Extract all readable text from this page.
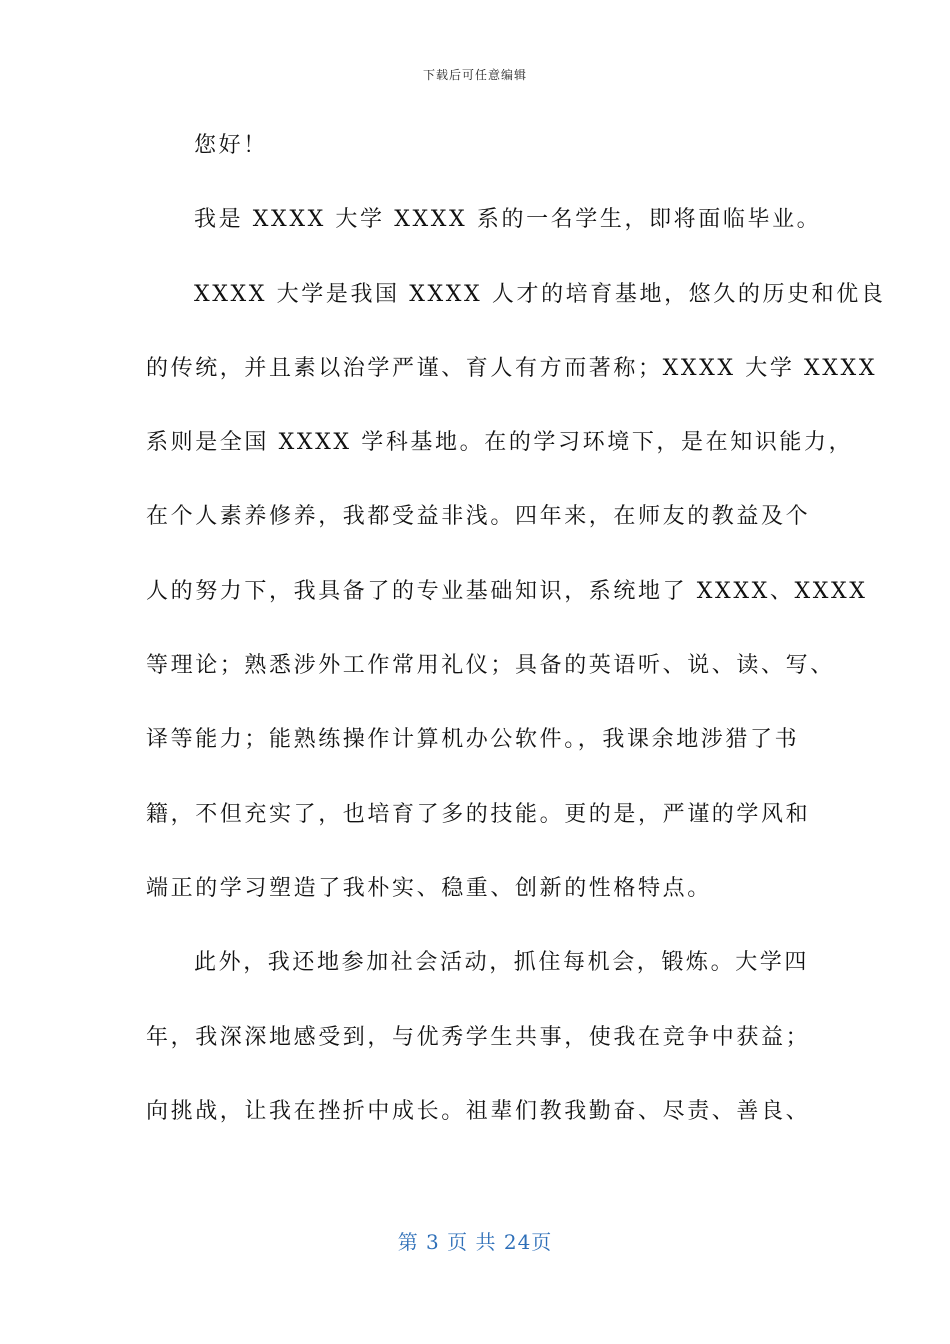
下载后可任意编辑
您好！
我是 XXXX 大学 XXXX 系的一名学生，即将面临毕业。
XXXX 大学是我国 XXXX 人才的培育基地，悠久的历史和优良
的传统，并且素以治学严谨、育人有方而著称；XXXX 大学 XXXX
系则是全国 XXXX 学科基地。在的学习环境下，是在知识能力，
在个人素养修养，我都受益非浅。四年来，在师友的教益及个
人的努力下，我具备了的专业基础知识，系统地了 XXXX、XXXX
等理论；熟悉涉外工作常用礼仪；具备的英语听、说、读、写、
译等能力；能熟练操作计算机办公软件。，我课余地涉猎了书
籍，不但充实了，也培育了多的技能。更的是，严谨的学风和
端正的学习塑造了我朴实、稳重、创新的性格特点。
此外，我还地参加社会活动，抓住每机会，锻炼。大学四
年，我深深地感受到，与优秀学生共事，使我在竞争中获益；
向挑战，让我在挫折中成长。祖辈们教我勤奋、尽责、善良、
第 3 页 共 24页
